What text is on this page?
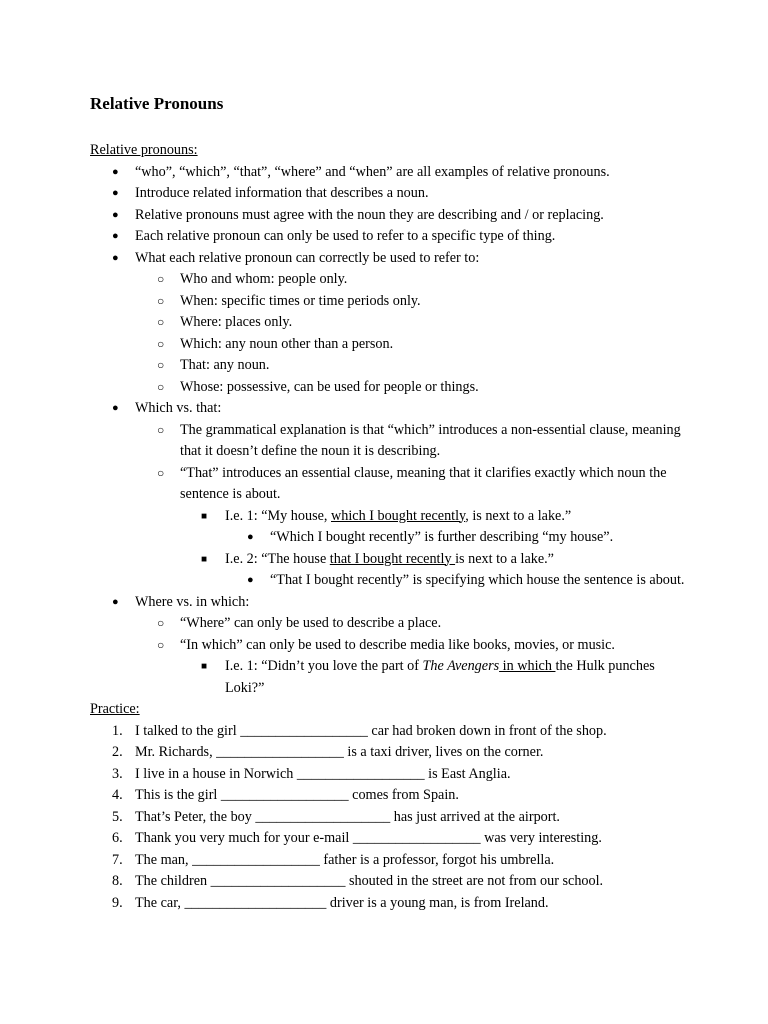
Relative Pronouns

Relative pronouns:

● “who”, “which”, “that”, “where” and “when” are all examples of relative pronouns.
● Introduce related information that describes a noun.
● Relative pronouns must agree with the noun they are describing and / or replacing.
● Each relative pronoun can only be used to refer to a specific type of thing.
● What each relative pronoun can correctly be used to refer to:
○ Who and whom: people only.
○ When: specific times or time periods only.
○ Where: places only.
○ Which: any noun other than a person.
○ That: any noun.
○ Whose: possessive, can be used for people or things.
● Which vs. that:
○ The grammatical explanation is that “which” introduces a non-essential clause, meaning that it doesn’t define the noun it is describing.
○ “That” introduces an essential clause, meaning that it clarifies exactly which noun the sentence is about.
■ I.e. 1: “My house, which I bought recently, is next to a lake.”
● “Which I bought recently” is further describing “my house”.
■ I.e. 2: “The house that I bought recently is next to a lake.”
● “That I bought recently” is specifying which house the sentence is about.
● Where vs. in which:
○ “Where” can only be used to describe a place.
○ “In which” can only be used to describe media like books, movies, or music.
■ I.e. 1: “Didn’t you love the part of The Avengers in which the Hulk punches Loki?”

Practice:

1. I talked to the girl __________________ car had broken down in front of the shop.
2. Mr. Richards, __________________ is a taxi driver, lives on the corner.
3. I live in a house in Norwich __________________ is East Anglia.
4. This is the girl __________________ comes from Spain.
5. That’s Peter, the boy ___________________ has just arrived at the airport.
6. Thank you very much for your e-mail __________________ was very interesting.
7. The man, __________________ father is a professor, forgot his umbrella.
8. The children ___________________ shouted in the street are not from our school.
9. The car, ____________________ driver is a young man, is from Ireland.
